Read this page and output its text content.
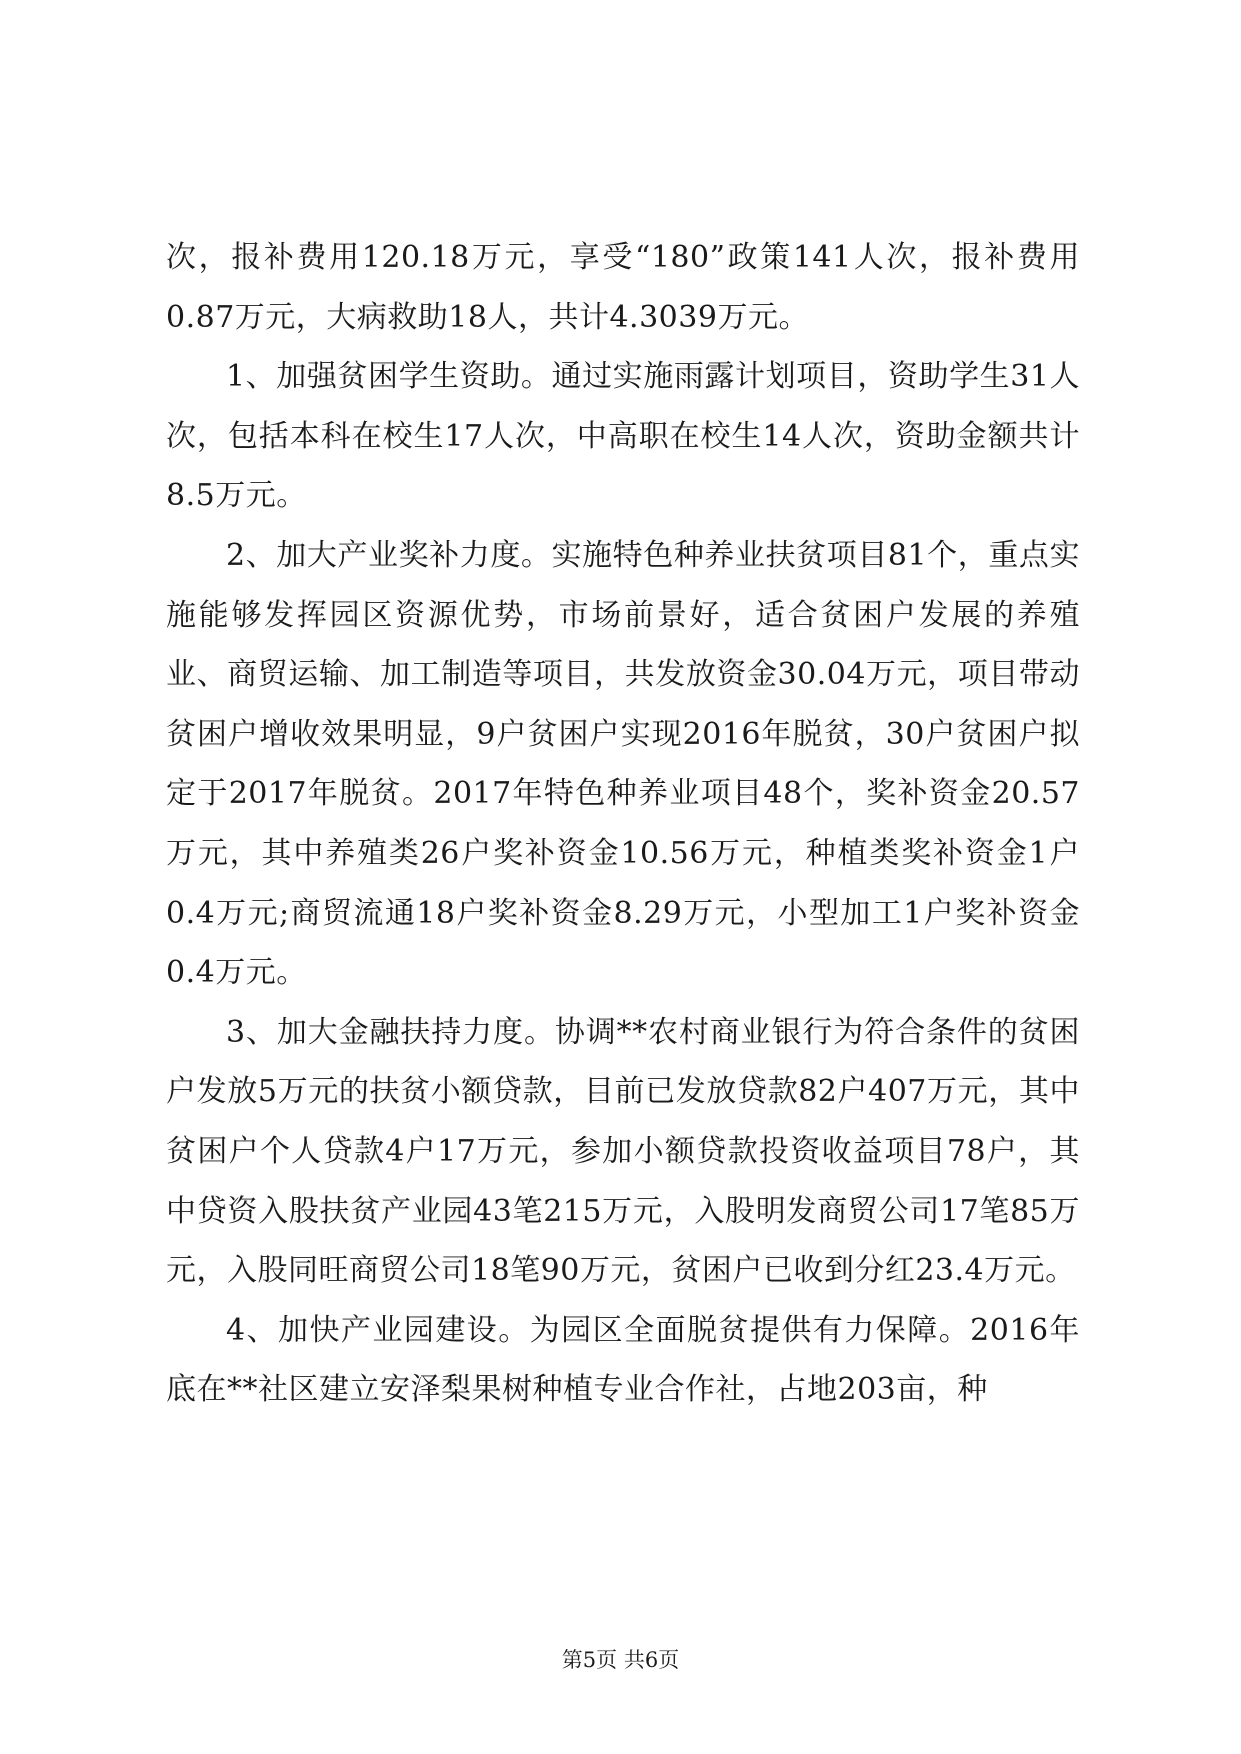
次，报补费用120.18万元，享受“180”政策141人次，报补费用0.87万元，大病救助18人，共计4.3039万元。

1、加强贫困学生资助。通过实施雨露计划项目，资助学生31人次，包括本科在校生17人次，中高职在校生14人次，资助金额共计8.5万元。

2、加大产业奖补力度。实施特色种养业扶贫项目81个，重点实施能够发挥园区资源优势，市场前景好，适合贫困户发展的养殖业、商贸运输、加工制造等项目，共发放资金30.04万元，项目带动贫困户增收效果明显，9户贫困户实现2016年脱贫，30户贫困户拟定于2017年脱贫。2017年特色种养业项目48个，奖补资金20.57万元，其中养殖类26户奖补资金10.56万元，种植类奖补资金1户0.4万元;商贸流通18户奖补资金8.29万元，小型加工1户奖补资金0.4万元。

3、加大金融扶持力度。协调**农村商业银行为符合条件的贫困户发放5万元的扶贫小额贷款，目前已发放贷款82户407万元，其中贫困户个人贷款4户17万元，参加小额贷款投资收益项目78户，其中贷资入股扶贫产业园43笔215万元，入股明发商贸公司17笔85万元，入股同旺商贸公司18笔90万元，贫困户已收到分红23.4万元。

4、加快产业园建设。为园区全面脱贫提供有力保障。2016年底在**社区建立安泽梨果树种植专业合作社，占地203亩，种

第5页 共6页
